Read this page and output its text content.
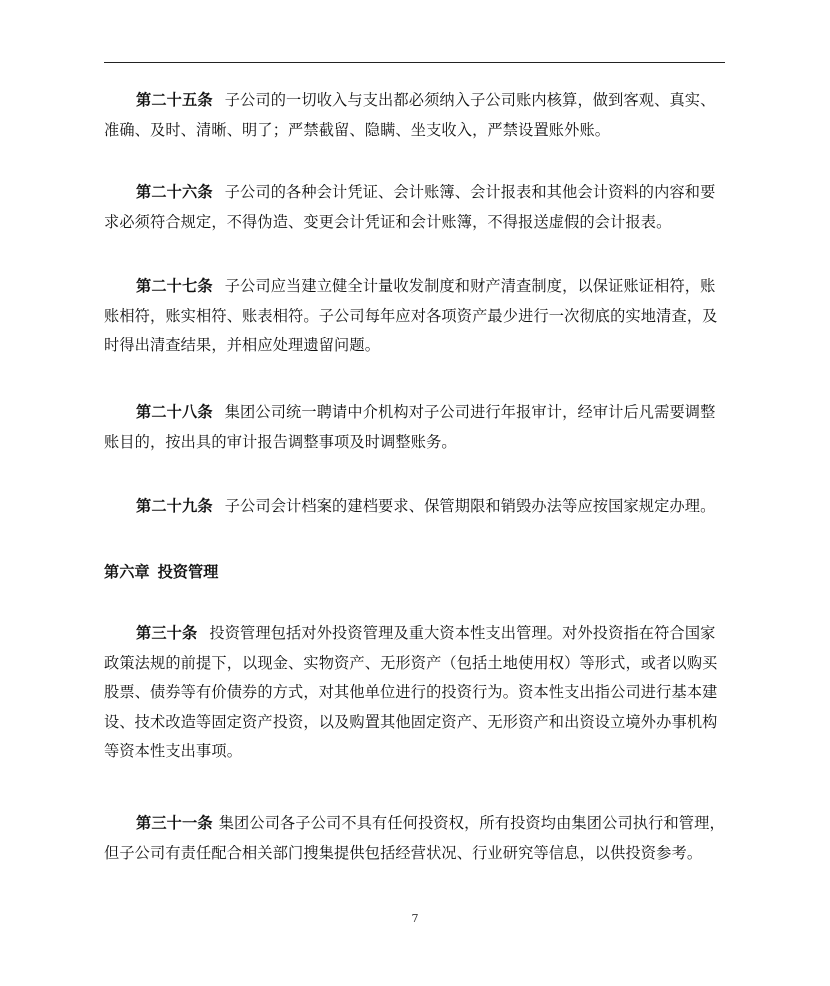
第二十五条 子公司的一切收入与支出都必须纳入子公司账内核算，做到客观、真实、准确、及时、清晰、明了；严禁截留、隐瞒、坐支收入，严禁设置账外账。

第二十六条 子公司的各种会计凭证、会计账簿、会计报表和其他会计资料的内容和要求必须符合规定，不得伪造、变更会计凭证和会计账簿，不得报送虚假的会计报表。

第二十七条 子公司应当建立健全计量收发制度和财产清查制度，以保证账证相符，账账相符，账实相符、账表相符。子公司每年应对各项资产最少进行一次彻底的实地清查，及时得出清查结果，并相应处理遗留问题。

第二十八条 集团公司统一聘请中介机构对子公司进行年报审计，经审计后凡需要调整账目的，按出具的审计报告调整事项及时调整账务。

第二十九条 子公司会计档案的建档要求、保管期限和销毁办法等应按国家规定办理。

第六章 投资管理

第三十条 投资管理包括对外投资管理及重大资本性支出管理。对外投资指在符合国家政策法规的前提下，以现金、实物资产、无形资产（包括土地使用权）等形式，或者以购买股票、债券等有价债券的方式，对其他单位进行的投资行为。资本性支出指公司进行基本建设、技术改造等固定资产投资，以及购置其他固定资产、无形资产和出资设立境外办事机构等资本性支出事项。

第三十一条 集团公司各子公司不具有任何投资权，所有投资均由集团公司执行和管理，但子公司有责任配合相关部门搜集提供包括经营状况、行业研究等信息，以供投资参考。

7
